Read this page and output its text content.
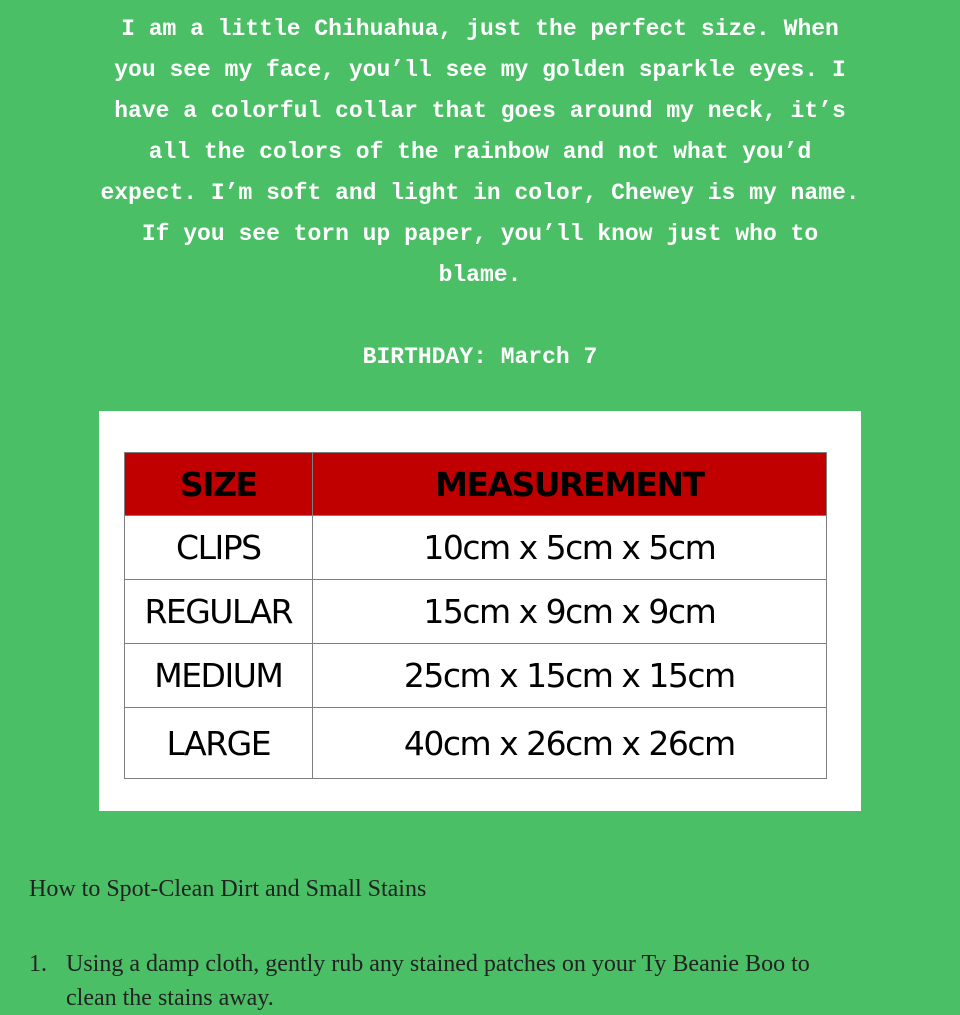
I am a little Chihuahua, just the perfect size. When
you see my face, you’ll see my golden sparkle eyes. I
have a colorful collar that goes around my neck, it’s
all the colors of the rainbow and not what you’d
expect. I’m soft and light in color, Chewey is my name.
If you see torn up paper, you’ll know just who to
blame.
BIRTHDAY: March 7
SIZE	MEASUREMENT
CLIPS	10cm x 5cm x 5cm
REGULAR	15cm x 9cm x 9cm
MEDIUM	25cm x 15cm x 15cm
LARGE	40cm x 26cm x 26cm
How to Spot-Clean Dirt and Small Stains
1. Using a damp cloth, gently rub any stained patches on your Ty Beanie Boo to clean the stains away.
